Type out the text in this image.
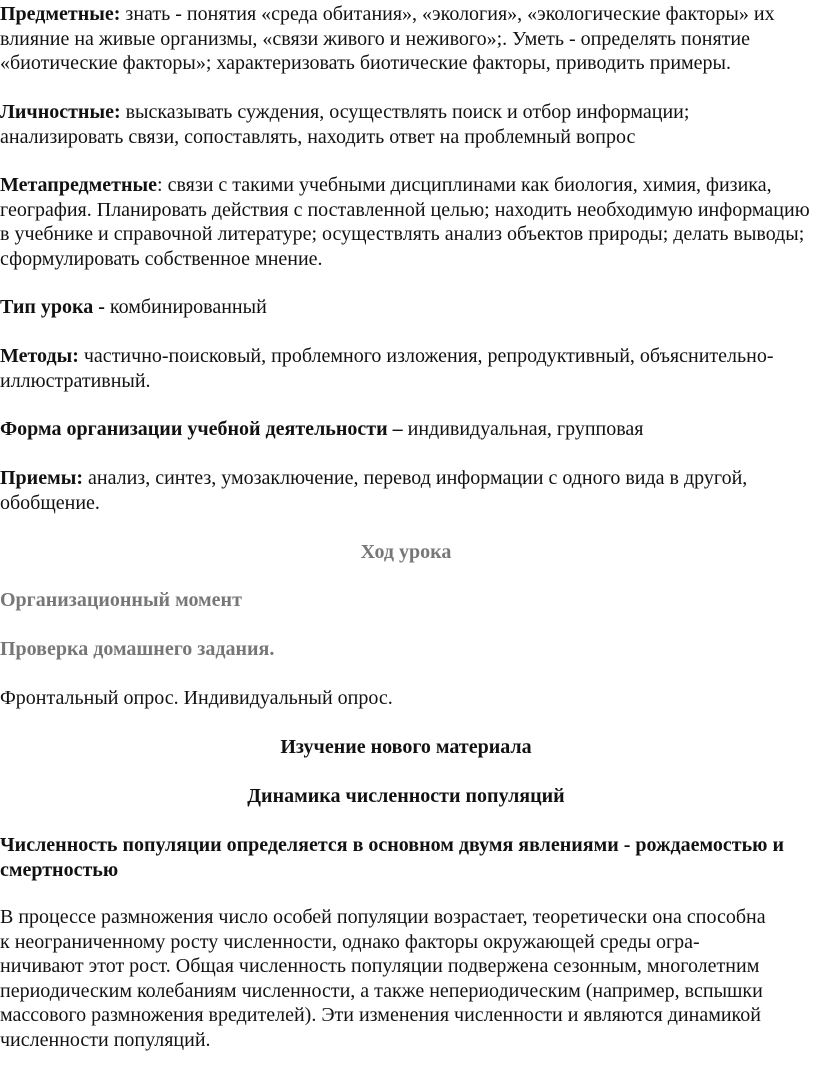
Предметные: знать - понятия «среда обитания», «экология», «экологические факторы» их влияние на живые организмы, «связи живого и неживого»;. Уметь - определять понятие «биотические факторы»; характеризовать биотические факторы, приводить примеры.

Личностные: высказывать суждения, осуществлять поиск и отбор информации; анализировать связи, сопоставлять, находить ответ на проблемный вопрос

Метапредметные: связи с такими учебными дисциплинами как биология, химия, физика, география. Планировать действия с поставленной целью; находить необходимую информацию в учебнике и справочной литературе; осуществлять анализ объектов природы; делать выводы; сформулировать собственное мнение.

Тип урока - комбинированный

Методы: частично-поисковый, проблемного изложения, репродуктивный, объяснительно-иллюстративный.

Форма организации учебной деятельности – индивидуальная, групповая

Приемы: анализ, синтез, умозаключение, перевод информации с одного вида в другой, обобщение.

Ход урока

Организационный момент

Проверка домашнего задания.

Фронтальный опрос. Индивидуальный опрос.

Изучение нового материала

Динамика численности популяций

Численность популяции определяется в основном двумя явлениями - рождаемостью и смертностью

В процессе размножения число особей популяции возрастает, теоретически она способна
к неограниченному росту численности, однако факторы окружающей среды огра-
ничивают этот рост. Общая численность популяции подвержена сезонным, многолетним периодическим колебаниям численности, а также непериодическим (например, вспышки массового размножения вредителей). Эти изменения численности и являются динамикой численности популяций.
